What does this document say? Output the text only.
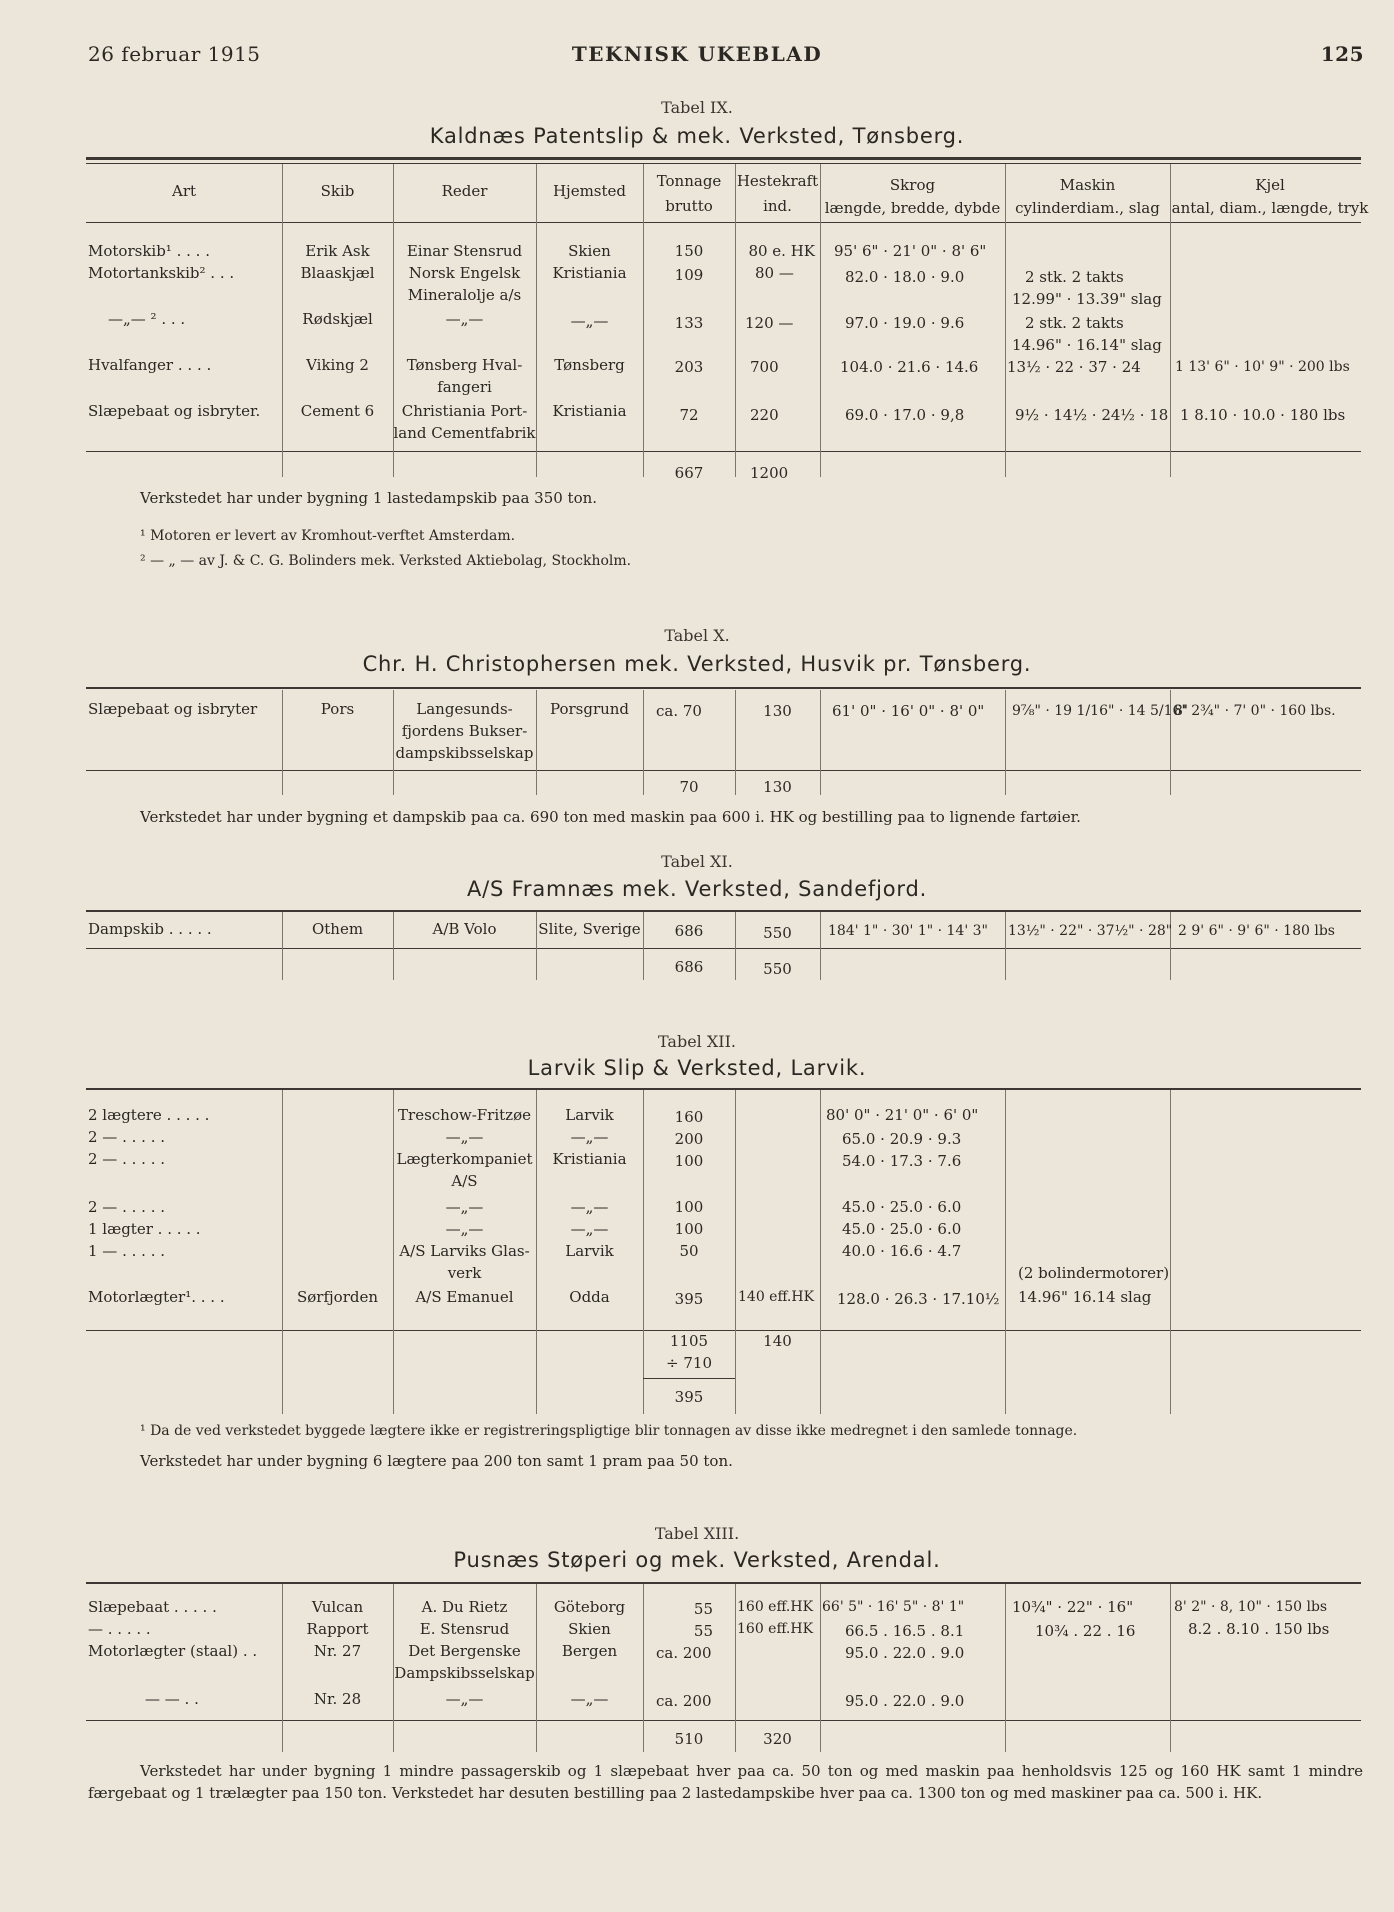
26 februar 1915	TEKNISK UKEBLAD	125
Tabel IX.
Kaldnæs Patentslip & mek. Verksted, Tønsberg.
Art	Skib	Reder	Hjemsted
Tonnage
brutto
Hestekraft
ind.
Skrog
længde, bredde, dybde
Maskin
cylinderdiam., slag
Kjel
antal, diam., længde, tryk
Motorskib¹ . . . .	Erik Ask	Einar Stensrud	Skien	150	80 e. HK 95' 6" · 21' 0" · 8' 6"
Motortankskib² . . .	Blaaskjæl	Norsk Engelsk
Mineralolje a/s
Kristiania	109	80 —	82.0 · 18.0 · 9.0	2 stk. 2 takts
12.99" · 13.39" slag
—„— ² . . .	Rødskjæl	—„—	—„—	133	120 —	97.0 · 19.0 · 9.6	2 stk. 2 takts
14.96" · 16.14" slag
Hvalfanger . . . .	Viking 2	Tønsberg Hval-
fangeri
Tønsberg	203	700	104.0 · 21.6 · 14.6 13½ · 22 · 37 · 24 1 13' 6" · 10' 9" · 200 lbs
Slæpebaat og isbryter.	Cement 6	Christiania Port-
land Cementfabrik
Kristiania	72	220	69.0 · 17.0 · 9,8	9½ · 14½ · 24½ · 18 1 8.10 · 10.0 · 180 lbs
667	1200
Verkstedet har under bygning 1 lastedampskib paa 350 ton.
¹ Motoren er levert av Kromhout-verftet Amsterdam.
² — „ — av J. & C. G. Bolinders mek. Verksted Aktiebolag, Stockholm.
Tabel X.
Chr. H. Christophersen mek. Verksted, Husvik pr. Tønsberg.
Slæpebaat og isbryter	Pors	Langesunds-
fjordens Bukser-
dampskibsselskap
Porsgrund	ca. 70	130	61' 0" · 16' 0" · 8' 0" 9⅞" · 19 1/16" · 14 5/16"
8' 2¾" · 7' 0" · 160 lbs.
70	130
Verkstedet har under bygning et dampskib paa ca. 690 ton med maskin paa 600 i. HK og bestilling paa to lignende fartøier.
Tabel XI.
A/S Framnæs mek. Verksted, Sandefjord.
Dampskib . . . . .	Othem	A/B Volo	Slite, Sverige	686	550	184' 1" · 30' 1" · 14' 3" 13½" · 22" · 37½" · 28" 2 9' 6" · 9' 6" · 180 lbs
686	550
Tabel XII.
Larvik Slip & Verksted, Larvik.
2 lægtere . . . . .	Treschow-Fritzøe	Larvik	160	80' 0" · 21' 0" · 6' 0"
2 — . . . . .	—„—	—„—	200	65.0 · 20.9 · 9.3
2 — . . . . .	Lægterkompaniet
A/S
Kristiania	100	54.0 · 17.3 · 7.6
2 — . . . . .	—„—	—„—	100	45.0 · 25.0 · 6.0
1 lægter . . . . .	—„—	—„—	100	45.0 · 25.0 · 6.0
1 — . . . . .	A/S Larviks Glas-
verk
Larvik	50	40.0 · 16.6 · 4.7
(2 bolindermotorer)
Motorlægter¹. . . .	Sørfjorden	A/S Emanuel	Odda	395	140 eff.HK 128.0 · 26.3 · 17.10½ 14.96" 16.14 slag
1105	140
÷ 710
395
¹ Da de ved verkstedet byggede lægtere ikke er registreringspligtige blir tonnagen av disse ikke medregnet i den samlede tonnage.
Verkstedet har under bygning 6 lægtere paa 200 ton samt 1 pram paa 50 ton.
Tabel XIII.
Pusnæs Støperi og mek. Verksted, Arendal.
Slæpebaat . . . . .	Vulcan	A. Du Rietz	Göteborg	55 160 eff.HK 66' 5" · 16' 5" · 8' 1"	10¾" · 22" · 16"	8' 2" · 8, 10" · 150 lbs
— . . . . .	Rapport	E. Stensrud	Skien	55 160 eff.HK 66.5 . 16.5 . 8.1	10¾ . 22 . 16	8.2 . 8.10 . 150 lbs
Motorlægter (staal) . .	Nr. 27	Det Bergenske
Dampskibsselskap
Bergen	ca. 200	95.0 . 22.0 . 9.0
— — . .	Nr. 28	—„—	—„—	ca. 200	95.0 . 22.0 . 9.0
510	320
Verkstedet har under bygning 1 mindre passagerskib og 1 slæpebaat hver paa ca. 50 ton og med maskin paa henholdsvis 125 og 160 HK samt 1 mindre færgebaat og 1 trælægter paa 150 ton. Verkstedet har desuten bestilling paa 2 lastedampskibe hver paa ca. 1300 ton og med maskiner paa ca. 500 i. HK.
